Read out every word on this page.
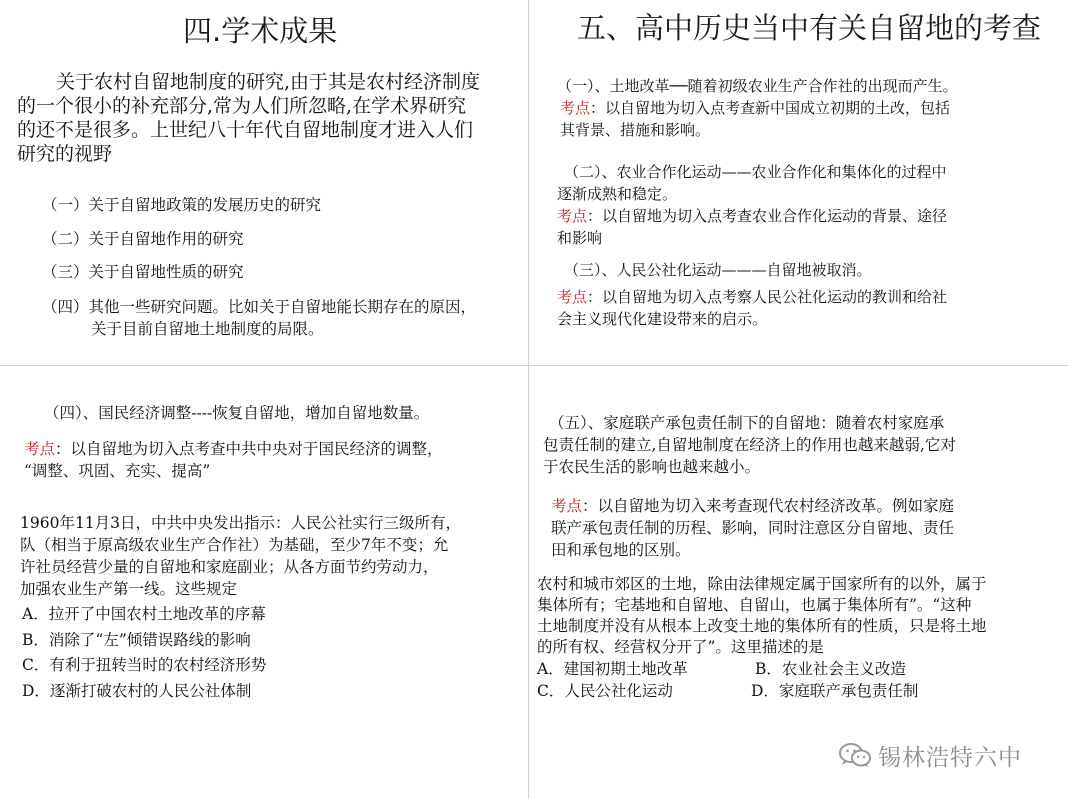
四.学术成果

关于农村自留地制度的研究,由于其是农村经济制度

的一个很小的补充部分,常为人们所忽略,在学术界研究

的还不是很多。上世纪八十年代自留地制度才进入人们

研究的视野

（一）关于自留地政策的发展历史的研究

（二）关于自留地作用的研究

（三）关于自留地性质的研究

（四）其他一些研究问题。比如关于自留地能长期存在的原因，

关于目前自留地土地制度的局限。

五、高中历史当中有关自留地的考查

（一）、土地改革──随着初级农业生产合作社的出现而产生。

考点：以自留地为切入点考查新中国成立初期的土改，包括

其背景、措施和影响。

（二）、农业合作化运动——农业合作化和集体化的过程中

逐渐成熟和稳定。

考点：以自留地为切入点考查农业合作化运动的背景、途径

和影响

（三）、人民公社化运动———自留地被取消。

考点：以自留地为切入点考察人民公社化运动的教训和给社

会主义现代化建设带来的启示。

（四）、国民经济调整----恢复自留地，增加自留地数量。

考点：以自留地为切入点考查中共中央对于国民经济的调整，

“调整、巩固、充实、提高”

1960年11月3日，中共中央发出指示：人民公社实行三级所有，

队（相当于原高级农业生产合作社）为基础，至少7年不变；允

许社员经营少量的自留地和家庭副业；从各方面节约劳动力，

加强农业生产第一线。这些规定

A．拉开了中国农村土地改革的序幕

B．消除了“左”倾错误路线的影响

C．有利于扭转当时的农村经济形势

D．逐渐打破农村的人民公社体制

（五）、家庭联产承包责任制下的自留地：随着农村家庭承

包责任制的建立,自留地制度在经济上的作用也越来越弱,它对

于农民生活的影响也越来越小。

考点：以自留地为切入来考查现代农村经济改革。例如家庭

联产承包责任制的历程、影响，同时注意区分自留地、责任

田和承包地的区别。

农村和城市郊区的土地，除由法律规定属于国家所有的以外，属于

集体所有；宅基地和自留地、自留山，也属于集体所有”。“这种

土地制度并没有从根本上改变土地的集体所有的性质，只是将土地

的所有权、经营权分开了”。这里描述的是

A．建国初期土地改革	B．农业社会主义改造

C．人民公社化运动	D．家庭联产承包责任制

锡林浩特六中
